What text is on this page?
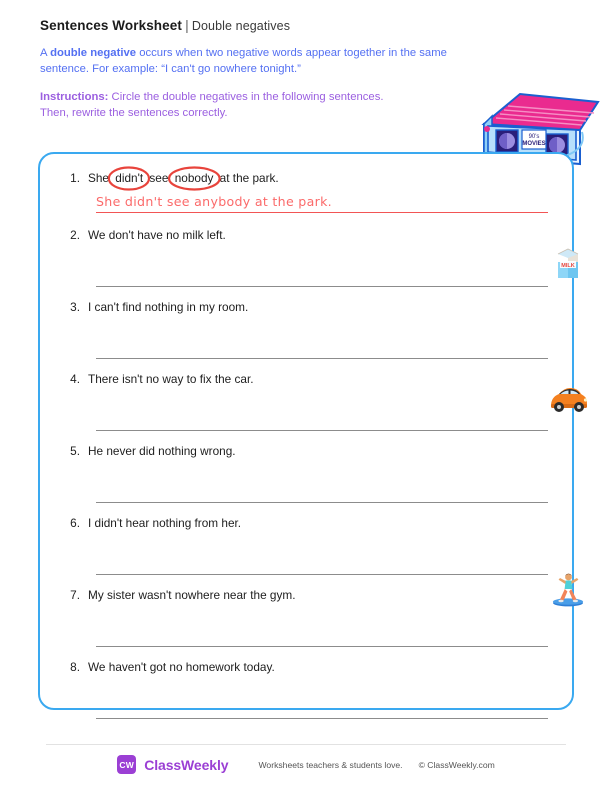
Sentences Worksheet | Double negatives
A double negative occurs when two negative words appear together in the same sentence. For example: “I can't go nowhere tonight.”
Instructions: Circle the double negatives in the following sentences. Then, rewrite the sentences correctly.
90's
MOVIES
1. She
didn't see
nobody at the park.
She didn't see anybody at the park.
2. We don't have no milk left.
3. I can't find nothing in my room.
4. There isn't no way to fix the car.
5. He never did nothing wrong.
6. I didn't hear nothing from her.
7. My sister wasn't nowhere near the gym.
8. We haven't got no homework today.
MILK
CW ClassWeekly	Worksheets teachers & students love. © ClassWeekly.com
